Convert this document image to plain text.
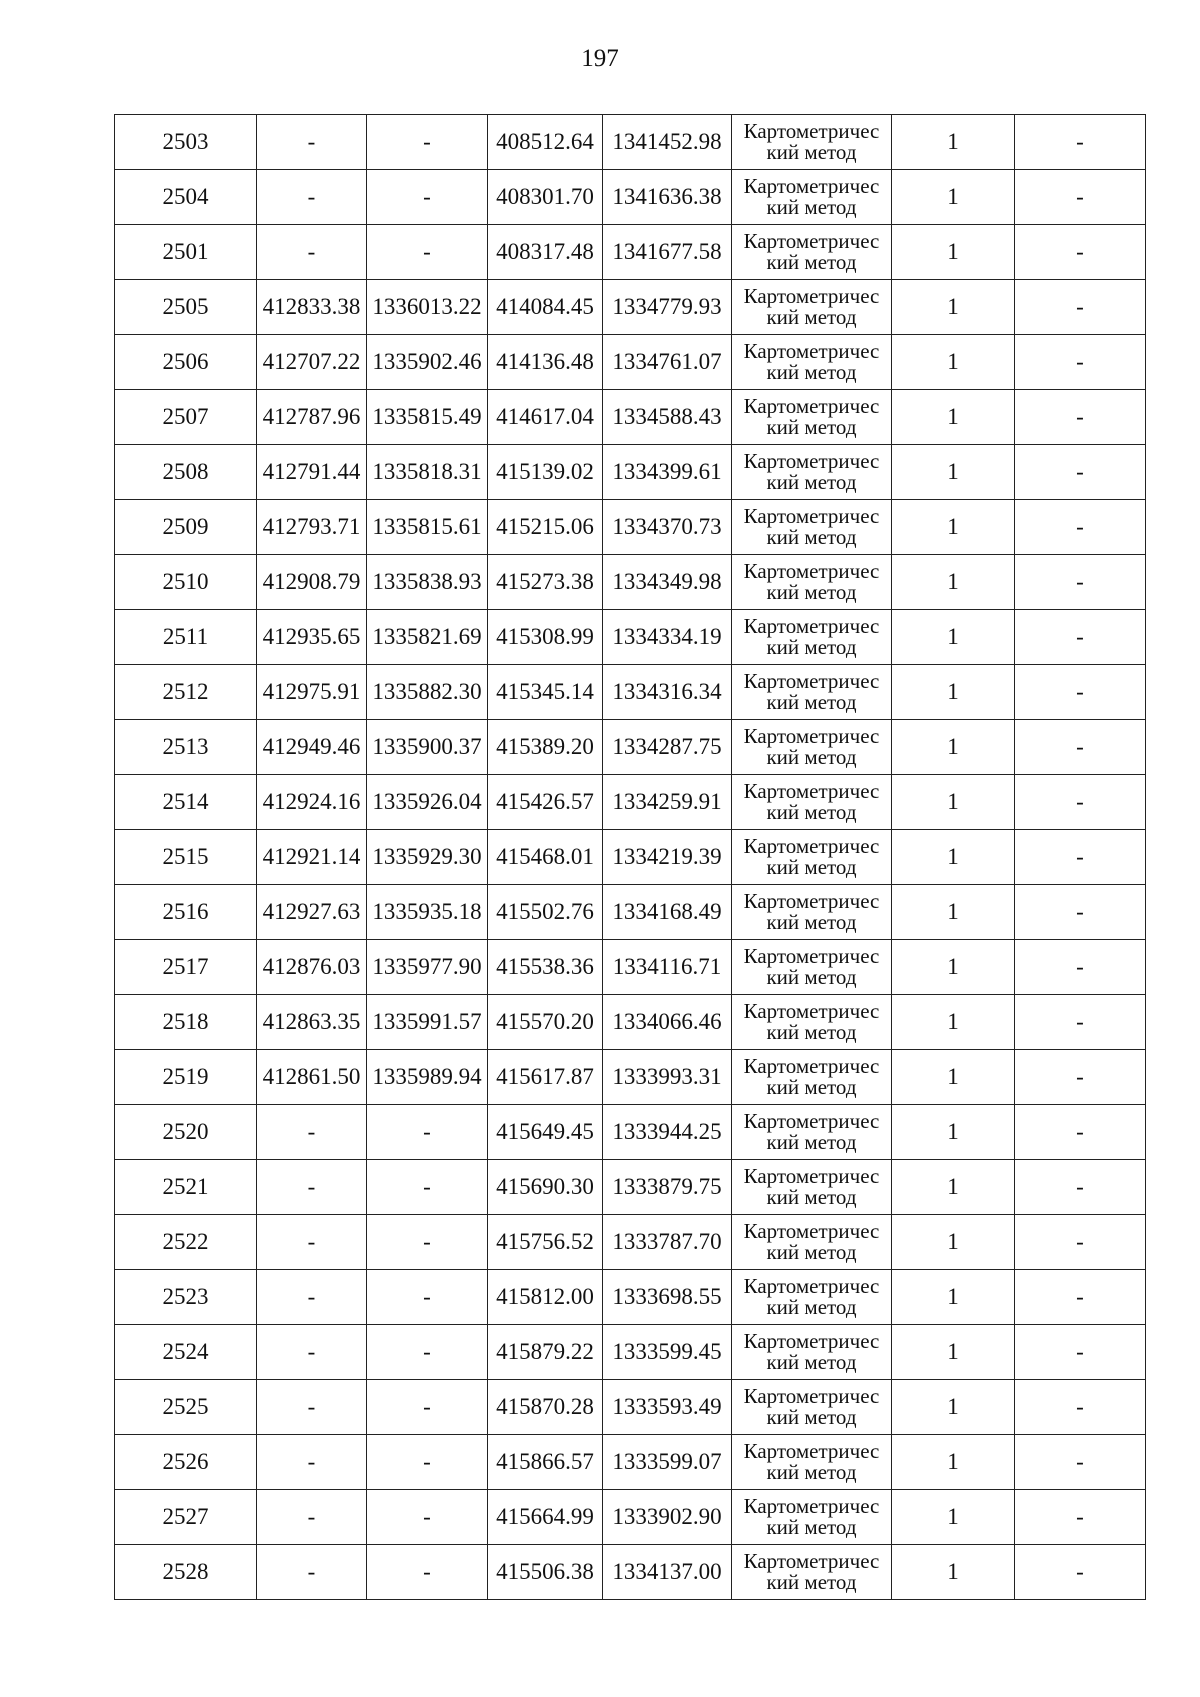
197
2503	-	-	408512.64	1341452.98	Картометричес
кий метод	1	-
2504	-	-	408301.70	1341636.38	Картометричес
кий метод	1	-
2501	-	-	408317.48	1341677.58	Картометричес
кий метод	1	-
2505	412833.38	1336013.22	414084.45	1334779.93	Картометричес
кий метод	1	-
2506	412707.22	1335902.46	414136.48	1334761.07	Картометричес
кий метод	1	-
2507	412787.96	1335815.49	414617.04	1334588.43	Картометричес
кий метод	1	-
2508	412791.44	1335818.31	415139.02	1334399.61	Картометричес
кий метод	1	-
2509	412793.71	1335815.61	415215.06	1334370.73	Картометричес
кий метод	1	-
2510	412908.79	1335838.93	415273.38	1334349.98	Картометричес
кий метод	1	-
2511	412935.65	1335821.69	415308.99	1334334.19	Картометричес
кий метод	1	-
2512	412975.91	1335882.30	415345.14	1334316.34	Картометричес
кий метод	1	-
2513	412949.46	1335900.37	415389.20	1334287.75	Картометричес
кий метод	1	-
2514	412924.16	1335926.04	415426.57	1334259.91	Картометричес
кий метод	1	-
2515	412921.14	1335929.30	415468.01	1334219.39	Картометричес
кий метод	1	-
2516	412927.63	1335935.18	415502.76	1334168.49	Картометричес
кий метод	1	-
2517	412876.03	1335977.90	415538.36	1334116.71	Картометричес
кий метод	1	-
2518	412863.35	1335991.57	415570.20	1334066.46	Картометричес
кий метод	1	-
2519	412861.50	1335989.94	415617.87	1333993.31	Картометричес
кий метод	1	-
2520	-	-	415649.45	1333944.25	Картометричес
кий метод	1	-
2521	-	-	415690.30	1333879.75	Картометричес
кий метод	1	-
2522	-	-	415756.52	1333787.70	Картометричес
кий метод	1	-
2523	-	-	415812.00	1333698.55	Картометричес
кий метод	1	-
2524	-	-	415879.22	1333599.45	Картометричес
кий метод	1	-
2525	-	-	415870.28	1333593.49	Картометричес
кий метод	1	-
2526	-	-	415866.57	1333599.07	Картометричес
кий метод	1	-
2527	-	-	415664.99	1333902.90	Картометричес
кий метод	1	-
2528	-	-	415506.38	1334137.00	Картометричес
кий метод	1	-
